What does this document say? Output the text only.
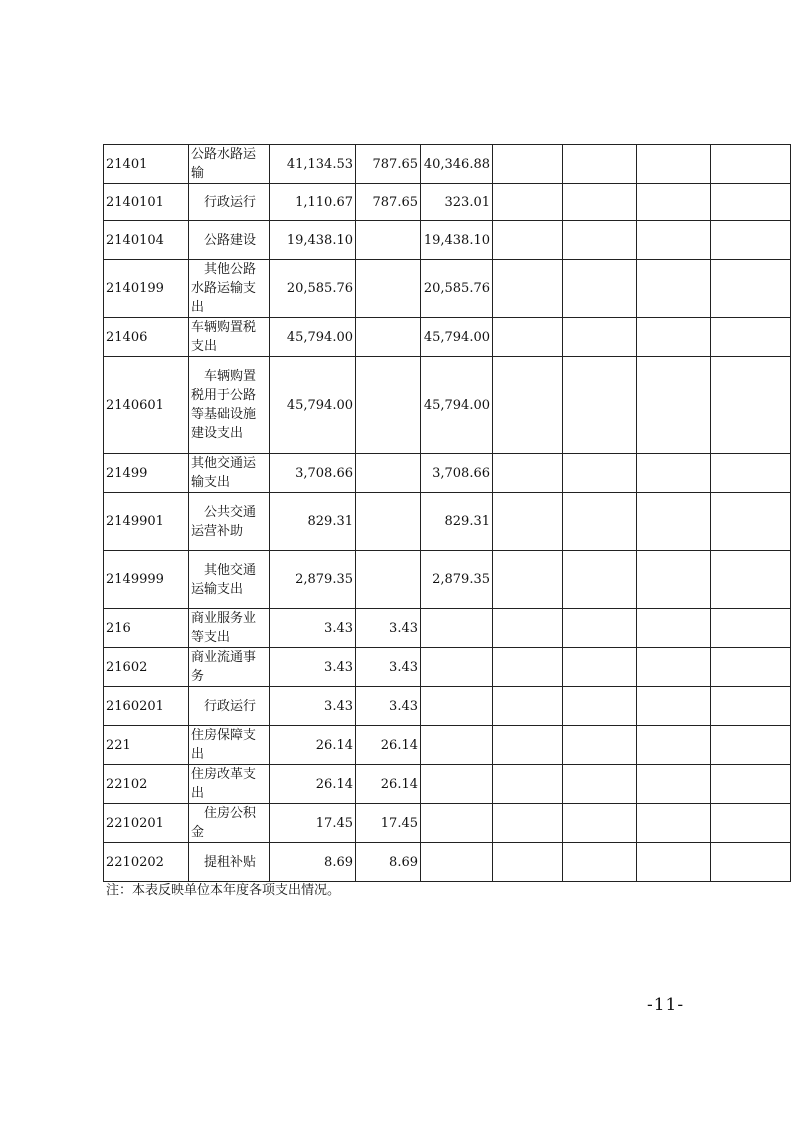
21401	公路水路运输	41,134.53	787.65	40,346.88				
2140101	行政运行	1,110.67	787.65	323.01				
2140104	公路建设	19,438.10		19,438.10				
2140199	其他公路水路运输支出	20,585.76		20,585.76				
21406	车辆购置税支出	45,794.00		45,794.00				
2140601	车辆购置税用于公路等基础设施建设支出	45,794.00		45,794.00				
21499	其他交通运输支出	3,708.66		3,708.66				
2149901	公共交通运营补助	829.31		829.31				
2149999	其他交通运输支出	2,879.35		2,879.35				
216	商业服务业等支出	3.43	3.43					
21602	商业流通事务	3.43	3.43					
2160201	行政运行	3.43	3.43					
221	住房保障支出	26.14	26.14					
22102	住房改革支出	26.14	26.14					
2210201	住房公积金	17.45	17.45					
2210202	提租补贴	8.69	8.69					
注：本表反映单位本年度各项支出情况。
-11-
